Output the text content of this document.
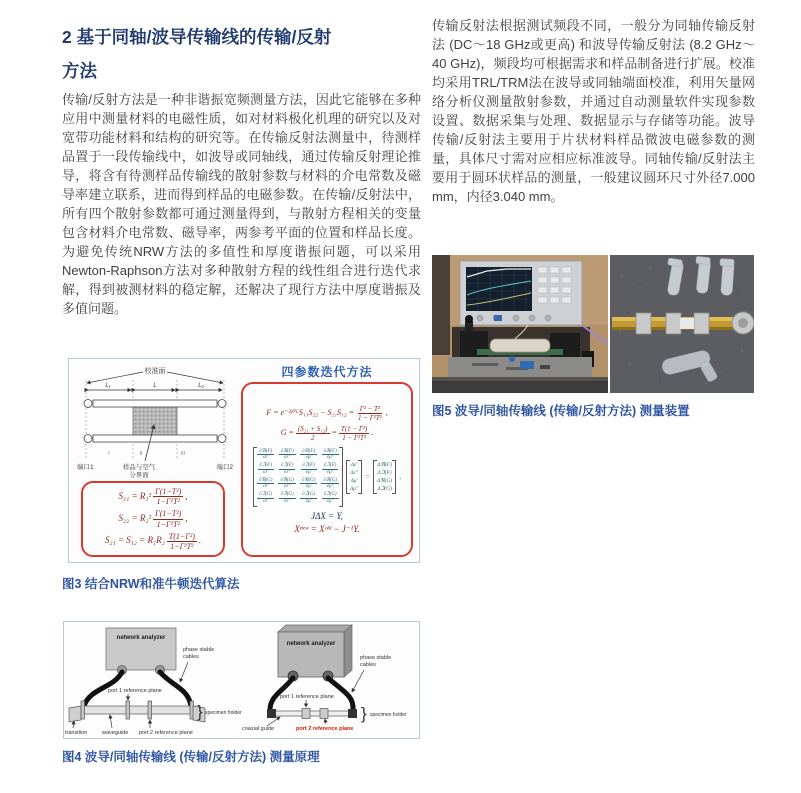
2 基于同轴/波导传输线的传输/反射方法

传输/反射方法是一种非谐振宽频测量方法，因此它能够在多种应用中测量材料的电磁性质，如对材料极化机理的研究以及对宽带功能材料和结构的研究等。在传输反射法测量中，待测样品置于一段传输线中，如波导或同轴线，通过传输反射理论推导，将含有待测样品传输线的散射参数与材料的介电常数及磁导率建立联系，进而得到样品的电磁参数。在传输/反射法中，所有四个散射参数都可通过测量得到，与散射方程相关的变量包含材料介电常数、磁导率，两参考平面的位置和样品长度。为避免传统NRW方法的多值性和厚度谐振问题，可以采用Newton-Raphson方法对多种散射方程的线性组合进行迭代求解，得到被测材料的稳定解，还解决了现行方法中厚度谐振及多值问题。

传输反射法根据测试频段不同，一般分为同轴传输反射法 (DC～18 GHz或更高) 和波导传输反射法 (8.2 GHz～40 GHz)，频段均可根据需求和样品制备进行扩展。校准均采用TRL/TRM法在波导或同轴端面校准，利用矢量网络分析仪测量散射参数，并通过自动测量软件实现参数设置、数据采集与处理、数据显示与存储等功能。波导传输/反射法主要用于片状材料样品微波电磁参数的测量，具体尺寸需对应相应标准波导。同轴传输/反射法主要用于圆环状样品的测量，一般建议圆环尺寸外径7.000 mm，内径3.040 mm。

校准面
L₁	L	L₂
I	II	III
端口1	端口2
样品与空气
分界面
$S_{11} = R_1^2 \frac{\text{Γ(1−T²)}}{\text{1−Γ²T²}}$ ,
$S_{22} = R_2^2 \frac{\text{Γ(1−T²)}}{\text{1−Γ²T²}}$ ,
$S_{21} = S_{12} = R_1R_2 \frac{\text{T(1−Γ²)}}{\text{1−Γ²T²}}$ .
四参数迭代方法
F = e⁻²ᵞ⁰ᴸS₁₁S₂₂ − $S_{21}S_{12} = \frac{\text{Γ² − T²}}{\text{1 − Γ²T²}}$ ,
$G = \frac{\text{(S₂₁ + S₁₂)}}{2} = \frac{\text{T(1 − Γ²)}}{\text{1 − Γ²T²}}$ .
$\frac{\text{∂ℜ(F)}}{\partial\varepsilon'} \frac{\text{∂ℜ(F)}}{\partial\varepsilon''} \frac{\text{∂ℜ(F)}}{\partial\mu'} \frac{\text{∂ℜ(F)}}{\partial\mu''}$
$\frac{\text{∂ℑ(F)}}{\partial\varepsilon'} \frac{\text{∂ℑ(F)}}{\partial\varepsilon''} \frac{\text{∂ℑ(F)}}{\partial\mu'} \frac{\text{∂ℑ(F)}}{\partial\mu''}$
$\frac{\text{∂ℜ(G)}}{\partial\varepsilon'} \frac{\text{∂ℜ(G)}}{\partial\varepsilon''} \frac{\text{∂ℜ(G)}}{\partial\mu'} \frac{\text{∂ℜ(G)}}{\partial\mu''}$
$\frac{\text{∂ℑ(G)}}{\partial\varepsilon'} \frac{\text{∂ℑ(G)}}{\partial\varepsilon''} \frac{\text{∂ℑ(G)}}{\partial\mu'} \frac{\text{∂ℑ(G)}}{\partial\mu''}$
Δε′
Δε″
Δμ′
Δμ″
=
Δℜ(F)
Δℑ(F)
Δℜ(G)
Δℑ(G)
,
JΔX = Y,
Xⁿᵉʷ = Xᵒˡᵈ − J⁻¹Y.
图3 结合NRW和准牛顿迭代算法
network analyzer
phase stable
cables
port 1 reference plane
transition	waveguide port 2 reference plane
} specimen holder
network analyzer
phase stable
cables
port 1 reference plane
coaxial guide	port 2 reference plane
} specimen holder
图4 波导/同轴传输线 (传输/反射方法) 测量原理
图5 波导/同轴传输线 (传输/反射方法) 测量装置
